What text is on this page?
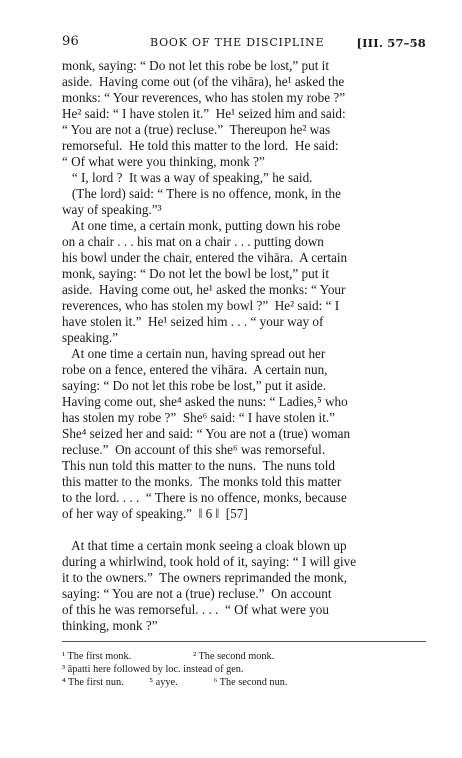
96	BOOK OF THE DISCIPLINE	[III. 57–58
monk, saying: “ Do not let this robe be lost,” put it
aside.  Having come out (of the vihāra), he¹ asked the
monks: “ Your reverences, who has stolen my robe ?”
He² said: “ I have stolen it.”  He¹ seized him and said:
“ You are not a (true) recluse.”  Thereupon he² was
remorseful.  He told this matter to the lord.  He said:
“ Of what were you thinking, monk ?”
“ I, lord ?  It was a way of speaking,” he said.
(The lord) said: “ There is no offence, monk, in the
way of speaking.”³
At one time, a certain monk, putting down his robe
on a chair . . . his mat on a chair . . . putting down
his bowl under the chair, entered the vihāra.  A certain
monk, saying: “ Do not let the bowl be lost,” put it
aside.  Having come out, he¹ asked the monks: “ Your
reverences, who has stolen my bowl ?”  He² said: “ I
have stolen it.”  He¹ seized him . . . “ your way of
speaking.”
At one time a certain nun, having spread out her
robe on a fence, entered the vihāra.  A certain nun,
saying: “ Do not let this robe be lost,” put it aside.
Having come out, she⁴ asked the nuns: “ Ladies,⁵ who
has stolen my robe ?”  She⁶ said: “ I have stolen it.”
She⁴ seized her and said: “ You are not a (true) woman
recluse.”  On account of this she⁶ was remorseful.
This nun told this matter to the nuns.  The nuns told
this matter to the monks.  The monks told this matter
to the lord. . . .  “ There is no offence, monks, because
of her way of speaking.”  ‖ 6 ‖  [57]
At that time a certain monk seeing a cloak blown up
during a whirlwind, took hold of it, saying: “ I will give
it to the owners.”  The owners reprimanded the monk,
saying: “ You are not a (true) recluse.”  On account
of this he was remorseful. . . .  “ Of what were you
thinking, monk ?”
¹ The first monk.                        ² The second monk.
³ āpatti here followed by loc. instead of gen.
⁴ The first nun.          ⁵ ayye.              ⁶ The second nun.
